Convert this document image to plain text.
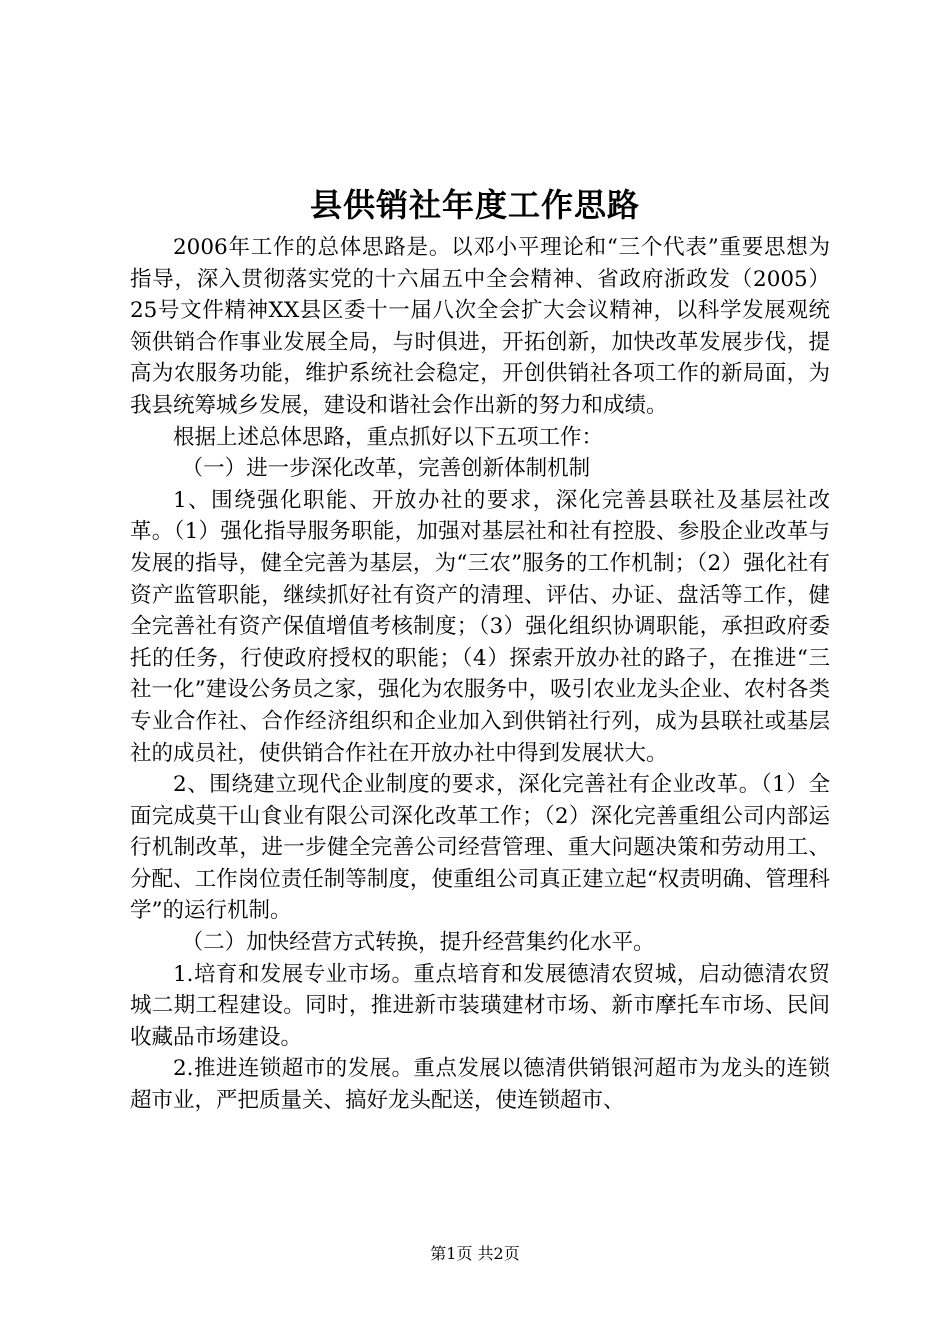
县供销社年度工作思路

2006年工作的总体思路是。以邓小平理论和“三个代表”重要思想为指导，深入贯彻落实党的十六届五中全会精神、省政府浙政发（2005）25号文件精神XX县区委十一届八次全会扩大会议精神，以科学发展观统领供销合作事业发展全局，与时俱进，开拓创新，加快改革发展步伐，提高为农服务功能，维护系统社会稳定，开创供销社各项工作的新局面，为我县统筹城乡发展，建设和谐社会作出新的努力和成绩。

根据上述总体思路，重点抓好以下五项工作：

（一）进一步深化改革，完善创新体制机制

1、围绕强化职能、开放办社的要求，深化完善县联社及基层社改革。（1）强化指导服务职能，加强对基层社和社有控股、参股企业改革与发展的指导，健全完善为基层，为“三农”服务的工作机制；（2）强化社有资产监管职能，继续抓好社有资产的清理、评估、办证、盘活等工作，健全完善社有资产保值增值考核制度；（3）强化组织协调职能，承担政府委托的任务，行使政府授权的职能；（4）探索开放办社的路子，在推进“三社一化”建设公务员之家，强化为农服务中，吸引农业龙头企业、农村各类专业合作社、合作经济组织和企业加入到供销社行列，成为县联社或基层社的成员社，使供销合作社在开放办社中得到发展状大。

2、围绕建立现代企业制度的要求，深化完善社有企业改革。（1）全面完成莫干山食业有限公司深化改革工作；（2）深化完善重组公司内部运行机制改革，进一步健全完善公司经营管理、重大问题决策和劳动用工、分配、工作岗位责任制等制度，使重组公司真正建立起“权责明确、管理科学”的运行机制。

（二）加快经营方式转换，提升经营集约化水平。

1.培育和发展专业市场。重点培育和发展德清农贸城，启动德清农贸城二期工程建设。同时，推进新市装璜建材市场、新市摩托车市场、民间收藏品市场建设。

2.推进连锁超市的发展。重点发展以德清供销银河超市为龙头的连锁超市业，严把质量关、搞好龙头配送，使连锁超市、

第1页 共2页
